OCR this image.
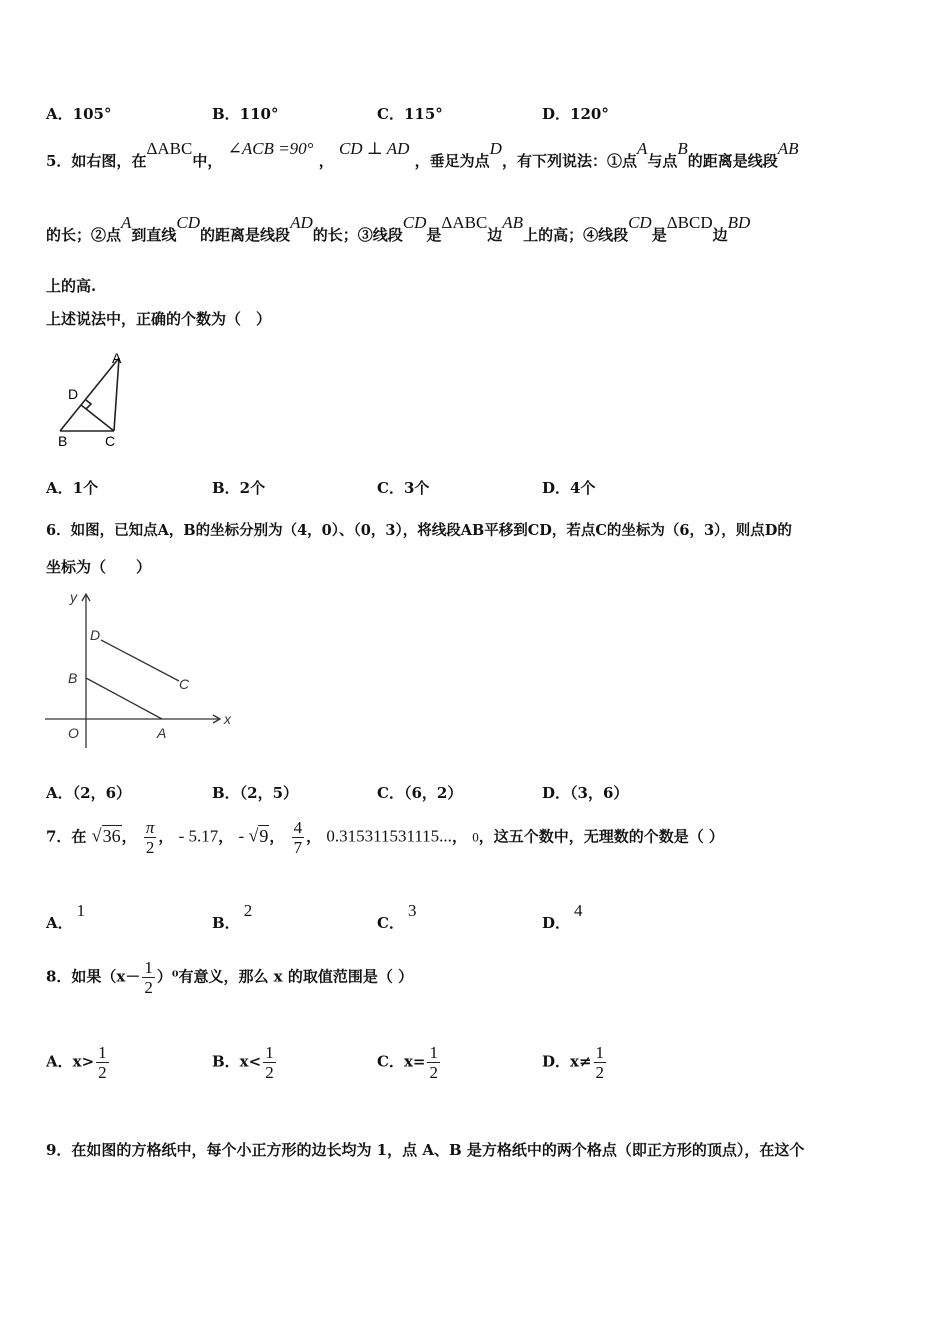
A．105°	B．110°	C．115°	D．120°
5．如右图，在ΔABC中， ∠ACB =90° ， CD ⊥ AD ，垂足为点D，有下列说法：①点A与点B的距离是线段AB
的长；②点A到直线CD的距离是线段AD的长；③线段CD是ΔABC边AB上的高；④线段CD是ΔBCD边BD
上的高.
上述说法中，正确的个数为（　）
A
B	C
D
A．1个	B．2个	C．3个	D．4个
6．如图，已知点A，B的坐标分别为（4，0）、（0，3），将线段AB平移到CD，若点C的坐标为（6，3），则点D的
坐标为（　　）
y
x
O	A
B	C
D
A．（2，6）	B．（2，5）	C．（6，2）	D．（3，6）
7．在 √36， $\frac{\pi}{2}$ ， - 5.17， - √9， $\frac{4}{7}$ ， 0.315311531115...， 0，这五个数中，无理数的个数是（ ）
A．1
B．2
C．3
D．4
8．如果$(x- \frac{1}{2} )^0$有意义，那么 x 的取值范围是（ ）
A．$x> \frac{1}{2}$	B．$x< \frac{1}{2}$	C．$x= \frac{1}{2}$	D．$x\ne \frac{1}{2}$
9．在如图的方格纸中，每个小正方形的边长均为 1，点 A、B 是方格纸中的两个格点（即正方形的顶点），在这个
